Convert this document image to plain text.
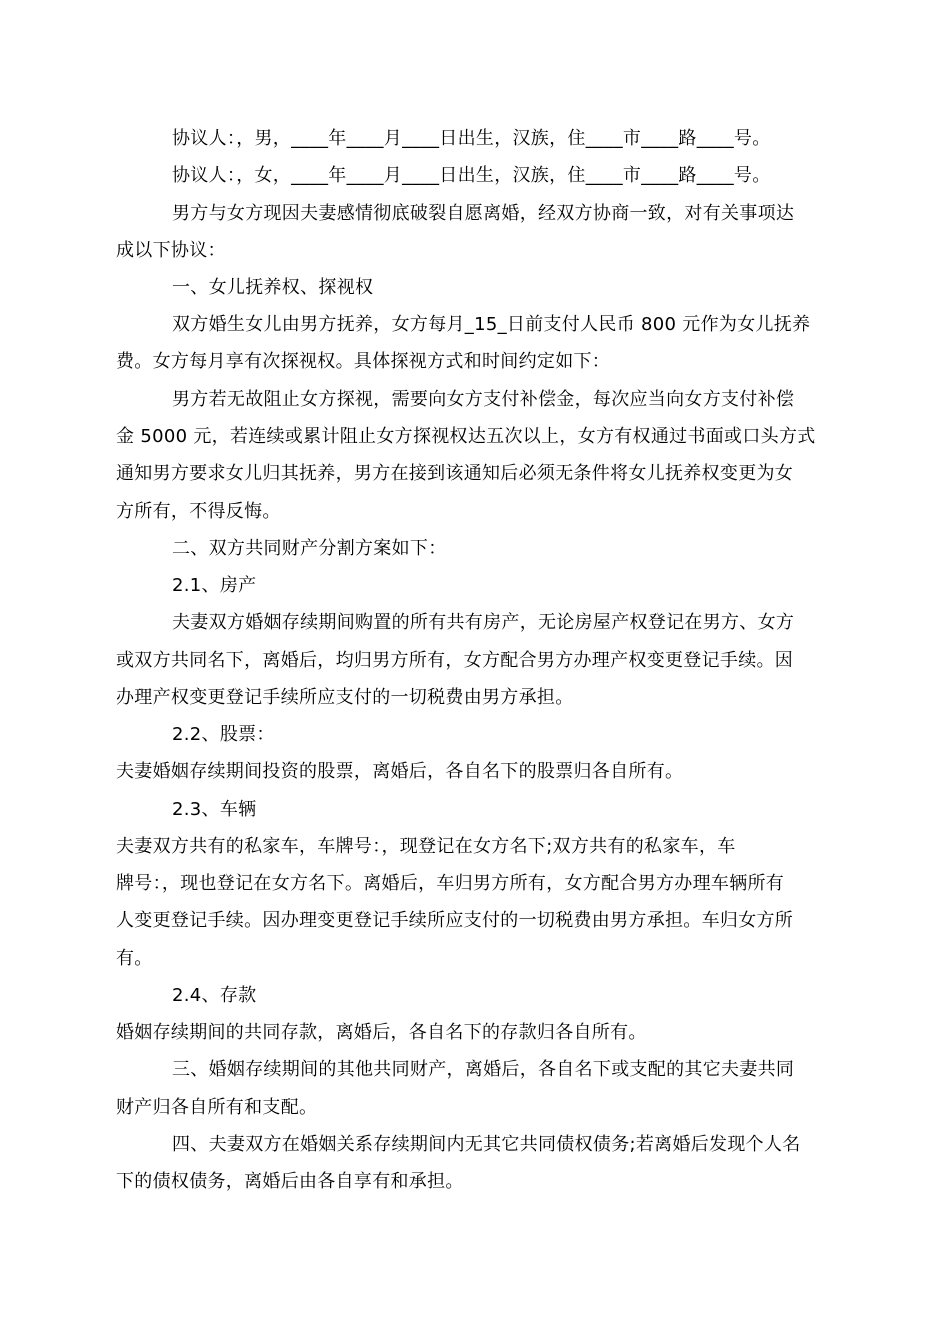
协议人：，男，____年____月____日出生，汉族，住____市____路____号。
协议人：，女，____年____月____日出生，汉族，住____市____路____号。
男方与女方现因夫妻感情彻底破裂自愿离婚，经双方协商一致，对有关事项达
成以下协议：
一、女儿抚养权、探视权
双方婚生女儿由男方抚养，女方每月_15_日前支付人民币 800 元作为女儿抚养
费。女方每月享有次探视权。具体探视方式和时间约定如下：
男方若无故阻止女方探视，需要向女方支付补偿金，每次应当向女方支付补偿
金 5000 元，若连续或累计阻止女方探视权达五次以上，女方有权通过书面或口头方式
通知男方要求女儿归其抚养，男方在接到该通知后必须无条件将女儿抚养权变更为女
方所有，不得反悔。
二、双方共同财产分割方案如下：
2.1、房产
夫妻双方婚姻存续期间购置的所有共有房产，无论房屋产权登记在男方、女方
或双方共同名下，离婚后，均归男方所有，女方配合男方办理产权变更登记手续。因
办理产权变更登记手续所应支付的一切税费由男方承担。
2.2、股票：
夫妻婚姻存续期间投资的股票，离婚后，各自名下的股票归各自所有。
2.3、车辆
夫妻双方共有的私家车，车牌号：，现登记在女方名下;双方共有的私家车，车
牌号：，现也登记在女方名下。离婚后，车归男方所有，女方配合男方办理车辆所有
人变更登记手续。因办理变更登记手续所应支付的一切税费由男方承担。车归女方所
有。
2.4、存款
婚姻存续期间的共同存款，离婚后，各自名下的存款归各自所有。
三、婚姻存续期间的其他共同财产，离婚后，各自名下或支配的其它夫妻共同
财产归各自所有和支配。
四、夫妻双方在婚姻关系存续期间内无其它共同债权债务;若离婚后发现个人名
下的债权债务，离婚后由各自享有和承担。
